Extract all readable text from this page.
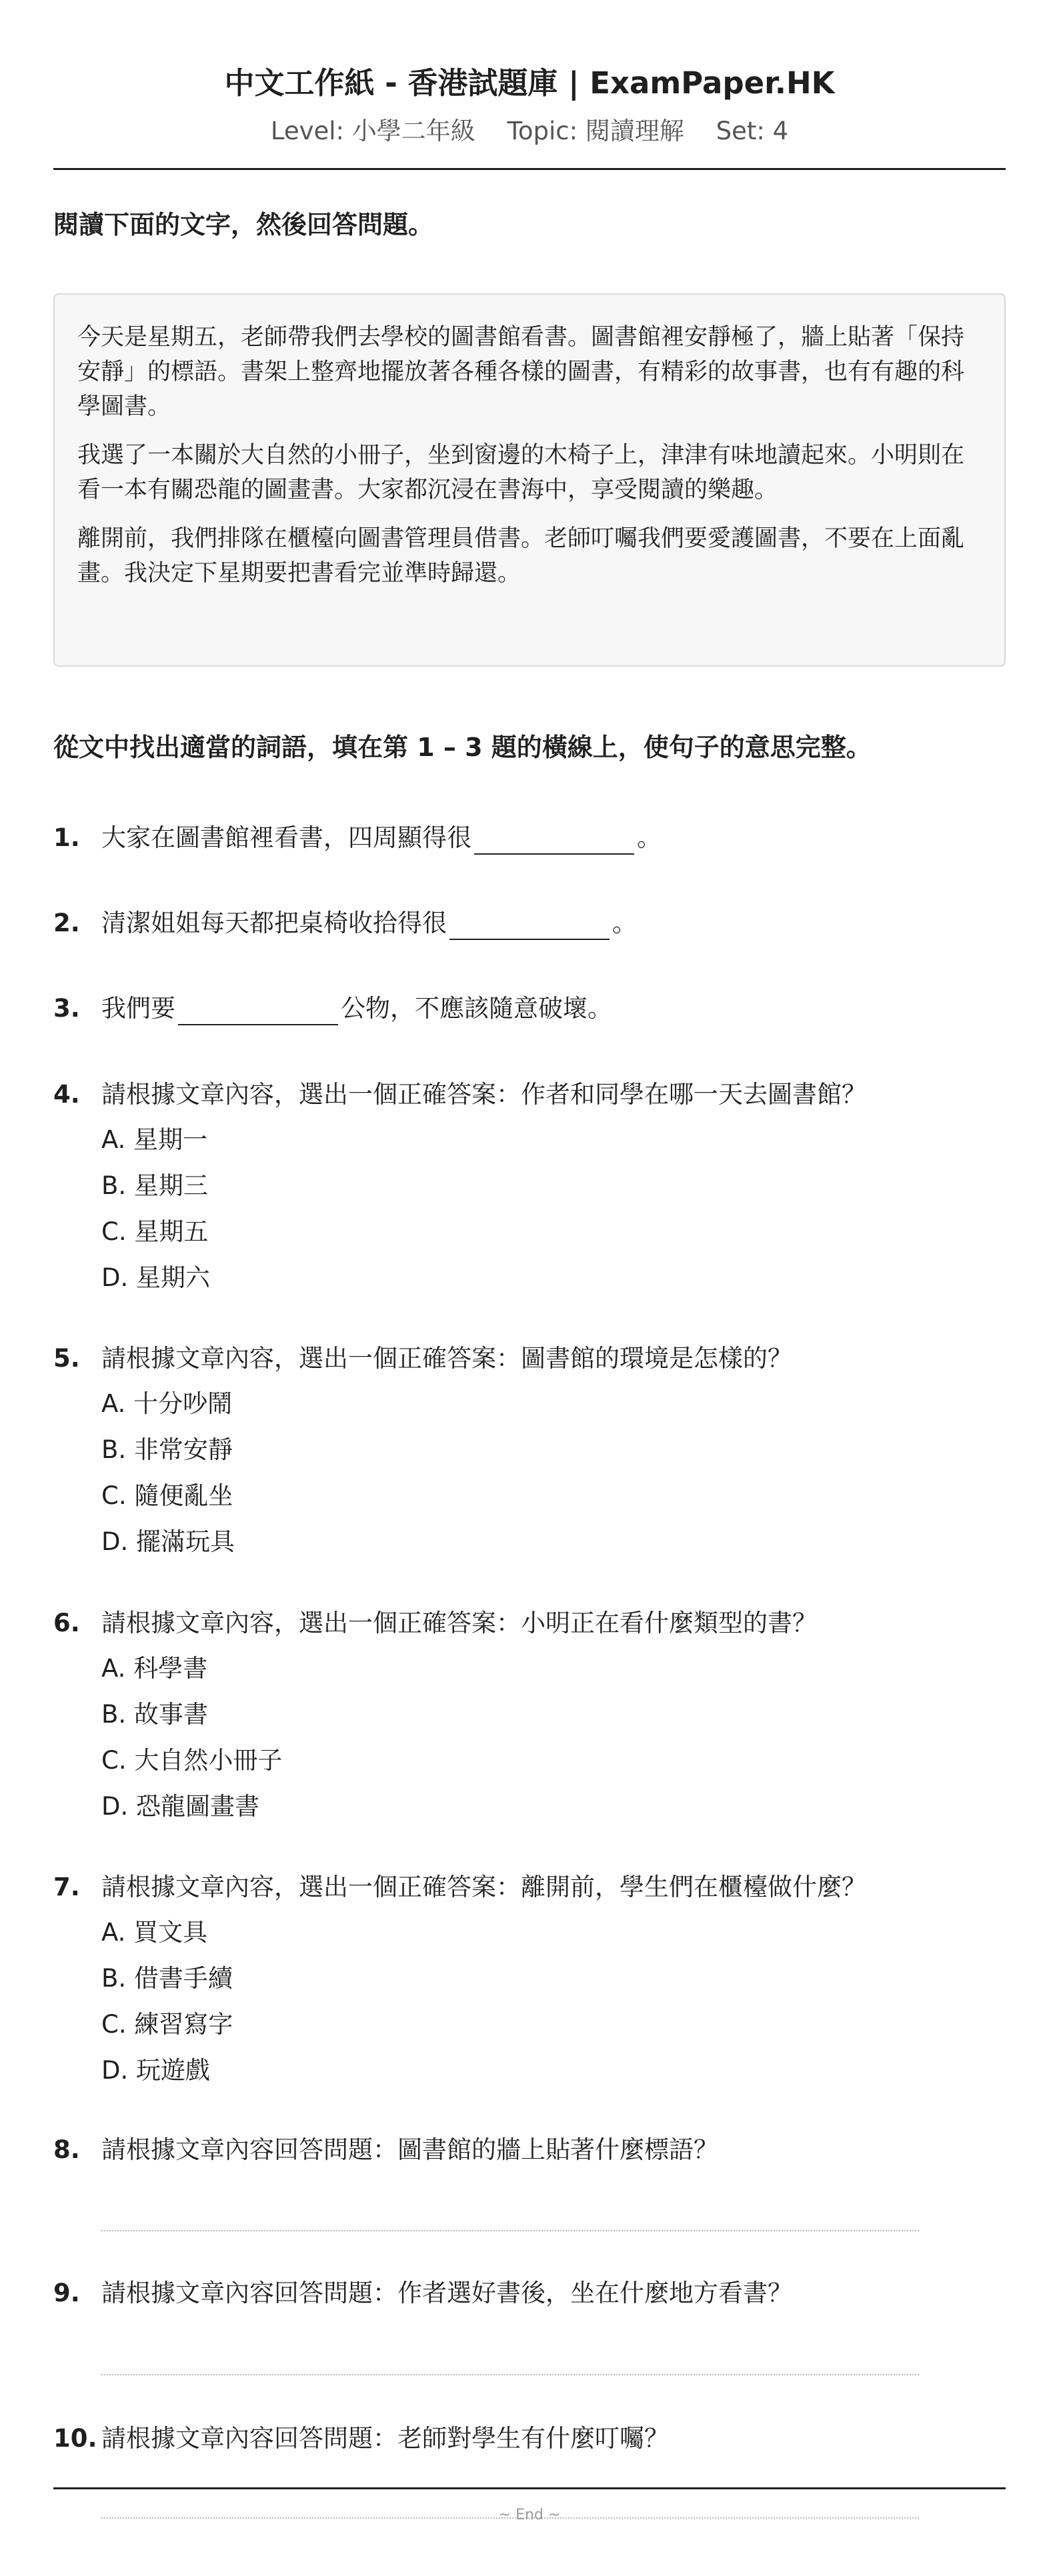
中文工作紙 - 香港試題庫 | ExamPaper.HK
Level: 小學二年級 Topic: 閱讀理解 Set: 4
閱讀下面的文字，然後回答問題。

今天是星期五，老師帶我們去學校的圖書館看書。圖書館裡安靜極了，牆上貼著「保持安靜」的標語。書架上整齊地擺放著各種各樣的圖書，有精彩的故事書，也有有趣的科學圖書。

我選了一本關於大自然的小冊子，坐到窗邊的木椅子上，津津有味地讀起來。小明則在看一本有關恐龍的圖畫書。大家都沉浸在書海中，享受閱讀的樂趣。

離開前，我們排隊在櫃檯向圖書管理員借書。老師叮囑我們要愛護圖書，不要在上面亂畫。我決定下星期要把書看完並準時歸還。

從文中找出適當的詞語，填在第 1 – 3 題的橫線上，使句子的意思完整。
1. 大家在圖書館裡看書，四周顯得很	。
2. 清潔姐姐每天都把桌椅收拾得很	。
3. 我們要	公物，不應該隨意破壞。
4. 請根據文章內容，選出一個正確答案：作者和同學在哪一天去圖書館？
A. 星期一
B. 星期三
C. 星期五
D. 星期六
5. 請根據文章內容，選出一個正確答案：圖書館的環境是怎樣的？
A. 十分吵鬧
B. 非常安靜
C. 隨便亂坐
D. 擺滿玩具
6. 請根據文章內容，選出一個正確答案：小明正在看什麼類型的書？
A. 科學書
B. 故事書
C. 大自然小冊子
D. 恐龍圖畫書
7. 請根據文章內容，選出一個正確答案：離開前，學生們在櫃檯做什麼？
A. 買文具
B. 借書手續
C. 練習寫字
D. 玩遊戲
8. 請根據文章內容回答問題：圖書館的牆上貼著什麼標語？
9. 請根據文章內容回答問題：作者選好書後，坐在什麼地方看書？
10. 請根據文章內容回答問題：老師對學生有什麼叮囑？
~ End ~
